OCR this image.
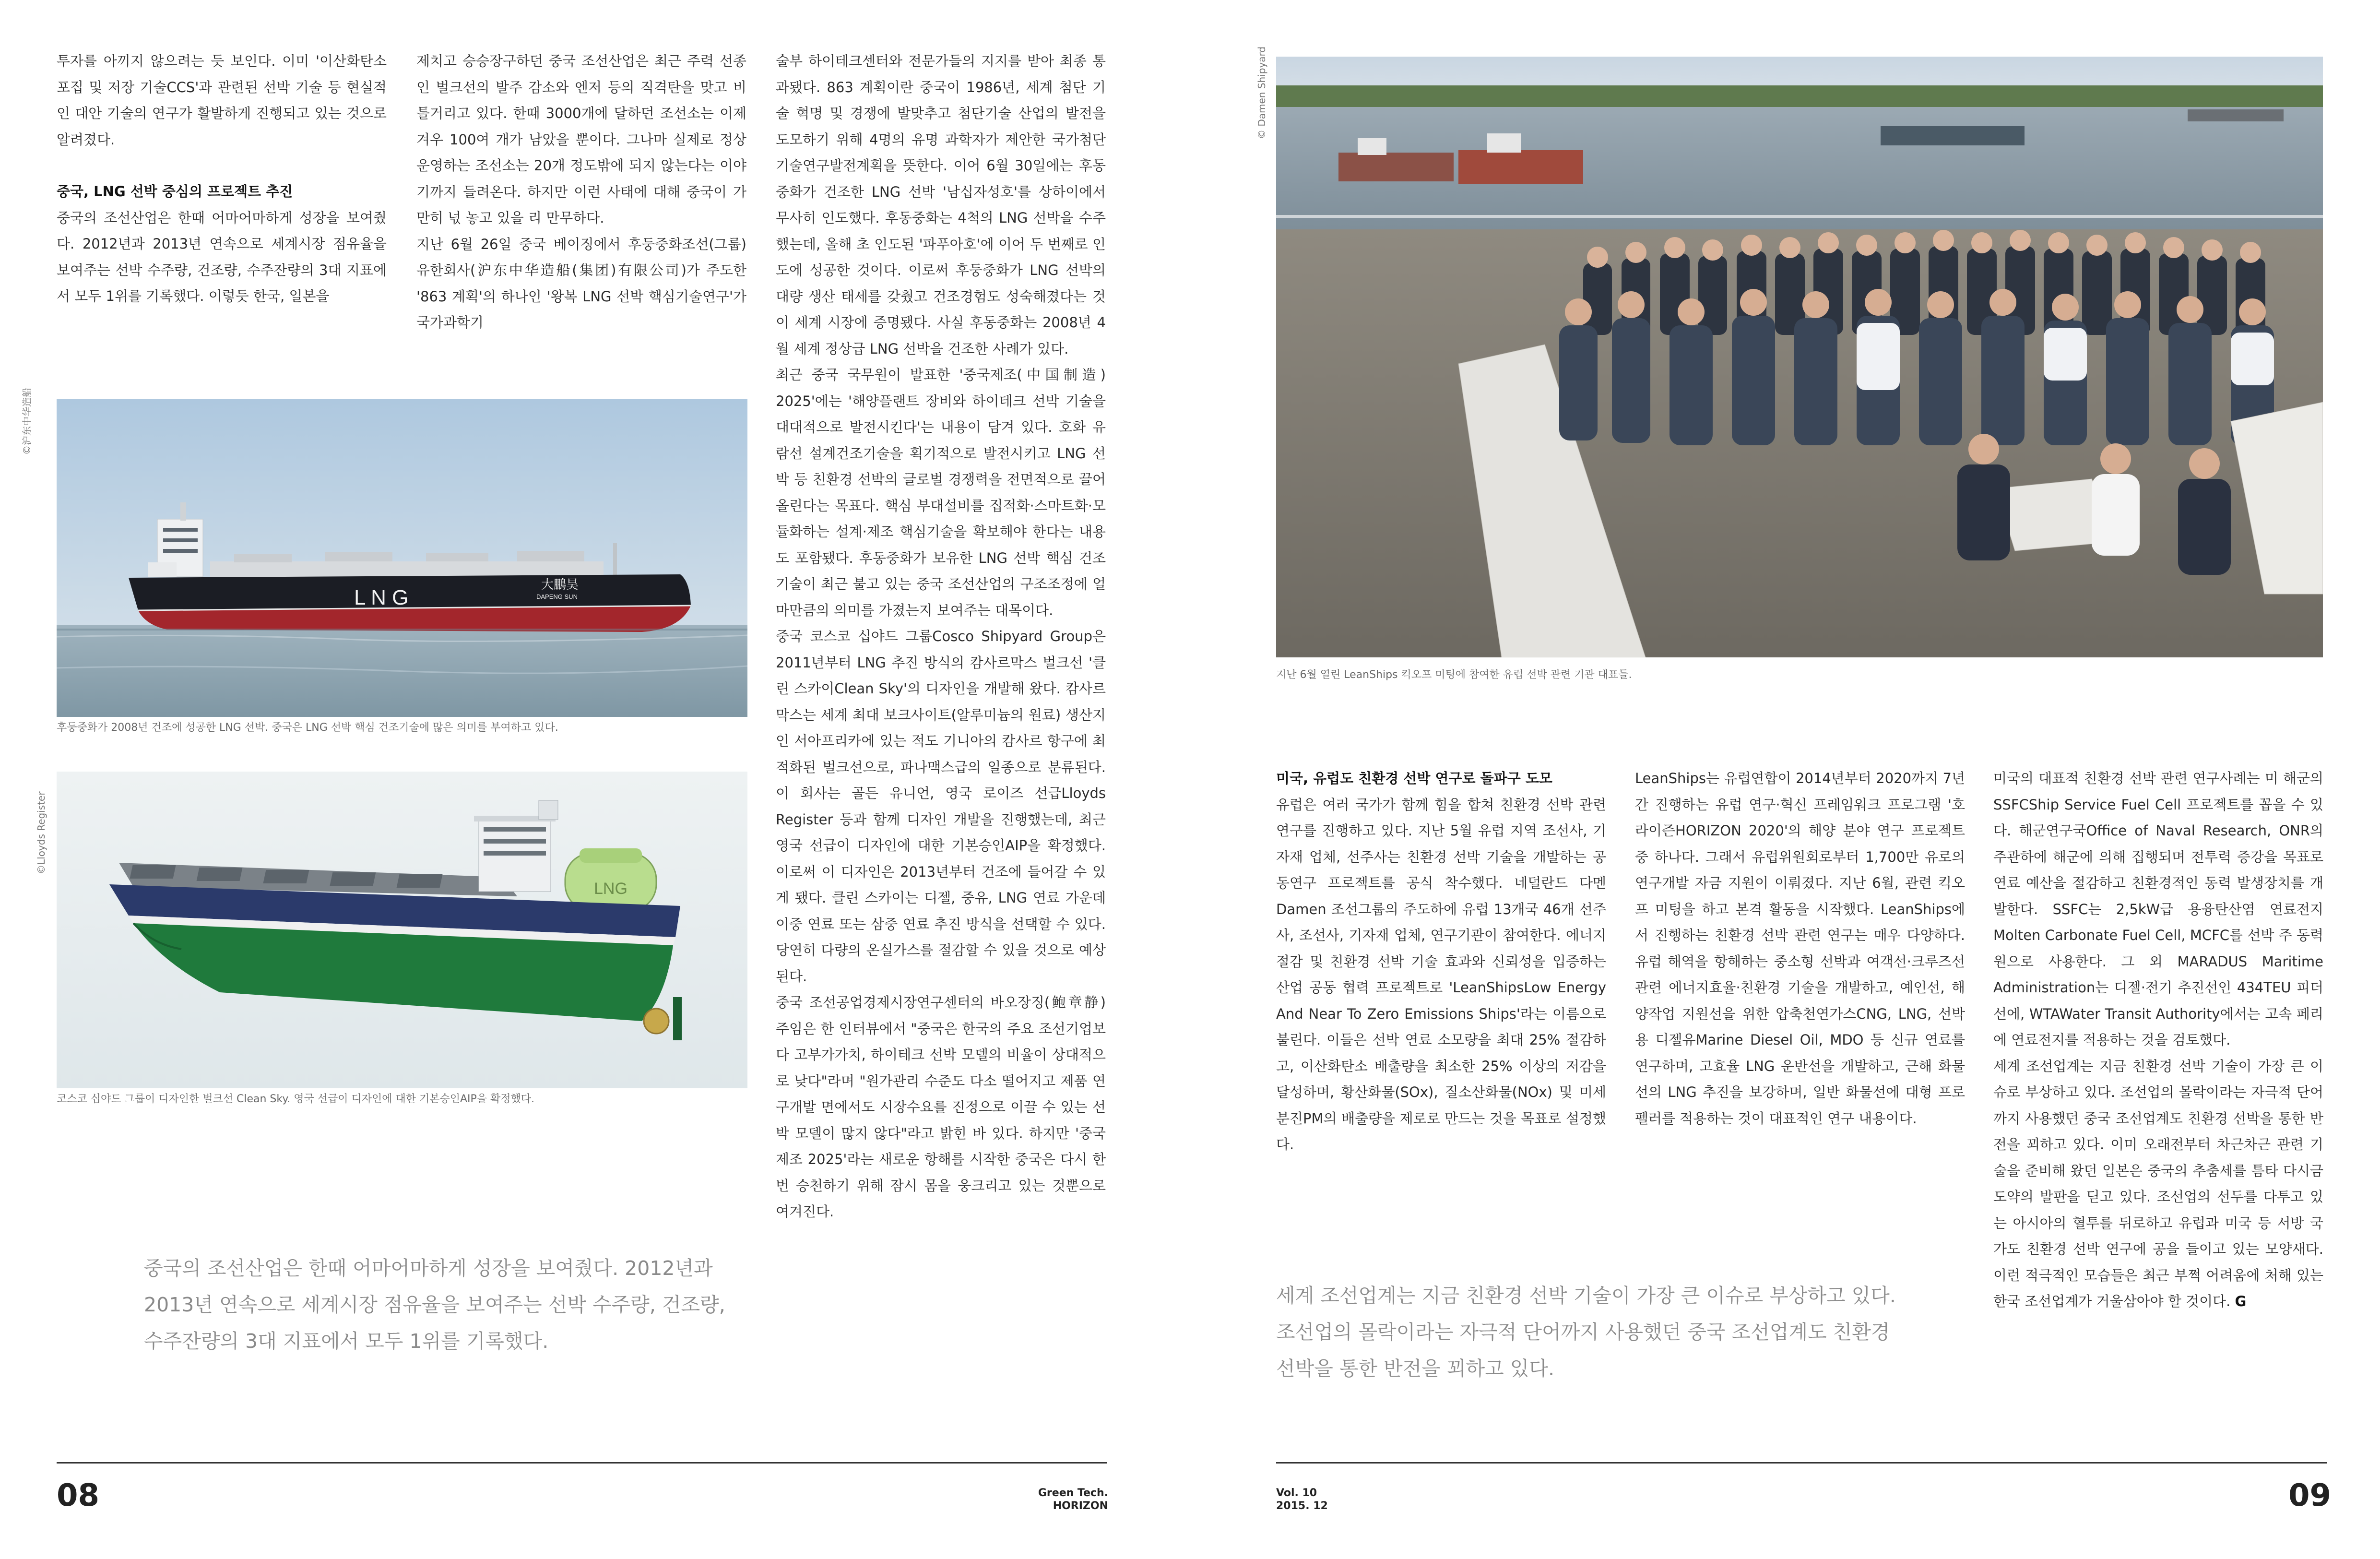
투자를 아끼지 않으려는 듯 보인다. 이미 '이산화탄소 포집 및 저장 기술CCS'과 관련된 선박 기술 등 현실적인 대안 기술의 연구가 활발하게 진행되고 있는 것으로 알려졌다.

중국, LNG 선박 중심의 프로젝트 추진

중국의 조선산업은 한때 어마어마하게 성장을 보여줬다. 2012년과 2013년 연속으로 세계시장 점유율을 보여주는 선박 수주량, 건조량, 수주잔량의 3대 지표에서 모두 1위를 기록했다. 이렇듯 한국, 일본을

제치고 승승장구하던 중국 조선산업은 최근 주력 선종인 벌크선의 발주 감소와 엔저 등의 직격탄을 맞고 비틀거리고 있다. 한때 3000개에 달하던 조선소는 이제 겨우 100여 개가 남았을 뿐이다. 그나마 실제로 정상 운영하는 조선소는 20개 정도밖에 되지 않는다는 이야기까지 들려온다. 하지만 이런 사태에 대해 중국이 가만히 넋 놓고 있을 리 만무하다.

지난 6월 26일 중국 베이징에서 후둥중화조선(그룹) 유한회사(沪东中华造船(集团)有限公司)가 주도한 '863 계획'의 하나인 '왕복 LNG 선박 핵심기술연구'가 국가과학기

술부 하이테크센터와 전문가들의 지지를 받아 최종 통과됐다. 863 계획이란 중국이 1986년, 세계 첨단 기술 혁명 및 경쟁에 발맞추고 첨단기술 산업의 발전을 도모하기 위해 4명의 유명 과학자가 제안한 국가첨단기술연구발전계획을 뜻한다. 이어 6월 30일에는 후동중화가 건조한 LNG 선박 '남십자성호'를 상하이에서 무사히 인도했다. 후동중화는 4척의 LNG 선박을 수주했는데, 올해 초 인도된 '파푸아호'에 이어 두 번째로 인도에 성공한 것이다. 이로써 후둥중화가 LNG 선박의 대량 생산 태세를 갖췄고 건조경험도 성숙해졌다는 것이 세계 시장에 증명됐다. 사실 후동중화는 2008년 4월 세계 정상급 LNG 선박을 건조한 사례가 있다.

최근 중국 국무원이 발표한 '중국제조(中国制造) 2025'에는 '해양플랜트 장비와 하이테크 선박 기술을 대대적으로 발전시킨다'는 내용이 담겨 있다. 호화 유람선 설계건조기술을 획기적으로 발전시키고 LNG 선박 등 친환경 선박의 글로벌 경쟁력을 전면적으로 끌어올린다는 목표다. 핵심 부대설비를 집적화·스마트화·모듈화하는 설계·제조 핵심기술을 확보해야 한다는 내용도 포함됐다. 후동중화가 보유한 LNG 선박 핵심 건조기술이 최근 불고 있는 중국 조선산업의 구조조정에 얼마만큼의 의미를 가졌는지 보여주는 대목이다.

중국 코스코 십야드 그룹Cosco Shipyard Group은 2011년부터 LNG 추진 방식의 캄사르막스 벌크선 '클린 스카이Clean Sky'의 디자인을 개발해 왔다. 캄사르막스는 세계 최대 보크사이트(알루미늄의 원료) 생산지인 서아프리카에 있는 적도 기니아의 캄사르 항구에 최적화된 벌크선으로, 파나맥스급의 일종으로 분류된다. 이 회사는 골든 유니언, 영국 로이즈 선급Lloyds Register 등과 함께 디자인 개발을 진행했는데, 최근 영국 선급이 디자인에 대한 기본승인AIP을 확정했다. 이로써 이 디자인은 2013년부터 건조에 들어갈 수 있게 됐다. 클린 스카이는 디젤, 중유, LNG 연료 가운데 이중 연료 또는 삼중 연료 추진 방식을 선택할 수 있다. 당연히 다량의 온실가스를 절감할 수 있을 것으로 예상된다.

중국 조선공업경제시장연구센터의 바오장징(鲍章静) 주임은 한 인터뷰에서 "중국은 한국의 주요 조선기업보다 고부가가치, 하이테크 선박 모델의 비율이 상대적으로 낮다"라며 "원가관리 수준도 다소 떨어지고 제품 연구개발 면에서도 시장수요를 진정으로 이끌 수 있는 선박 모델이 많지 않다"라고 밝힌 바 있다. 하지만 '중국제조 2025'라는 새로운 항해를 시작한 중국은 다시 한 번 승천하기 위해 잠시 몸을 웅크리고 있는 것뿐으로 여겨진다.

©沪东中华造船
L N G
大鵬昊
DAPENG SUN
후둥중화가 2008년 건조에 성공한 LNG 선박. 중국은 LNG 선박 핵심 건조기술에 많은 의미를 부여하고 있다.
©Lloyds Register
LNG
코스코 십야드 그룹이 디자인한 벌크선 Clean Sky. 영국 선급이 디자인에 대한 기본승인AIP을 확정했다.

중국의 조선산업은 한때 어마어마하게 성장을 보여줬다. 2012년과

2013년 연속으로 세계시장 점유율을 보여주는 선박 수주량, 건조량,

수주잔량의 3대 지표에서 모두 1위를 기록했다.

08	Green Tech.
HORIZON
© Damen Shipyard
지난 6월 열린 LeanShips 킥오프 미팅에 참여한 유럽 선박 관련 기관 대표들.

미국, 유럽도 친환경 선박 연구로 돌파구 도모

유럽은 여러 국가가 함께 힘을 합쳐 친환경 선박 관련 연구를 진행하고 있다. 지난 5월 유럽 지역 조선사, 기자재 업체, 선주사는 친환경 선박 기술을 개발하는 공동연구 프로젝트를 공식 착수했다. 네덜란드 다멘Damen 조선그룹의 주도하에 유럽 13개국 46개 선주사, 조선사, 기자재 업체, 연구기관이 참여한다. 에너지 절감 및 친환경 선박 기술 효과와 신뢰성을 입증하는 산업 공동 협력 프로젝트로 'LeanShipsLow Energy And Near To Zero Emissions Ships'라는 이름으로 불린다. 이들은 선박 연료 소모량을 최대 25% 절감하고, 이산화탄소 배출량을 최소한 25% 이상의 저감을 달성하며, 황산화물(SOx), 질소산화물(NOx) 및 미세분진PM의 배출량을 제로로 만드는 것을 목표로 설정했다.

LeanShips는 유럽연합이 2014년부터 2020까지 7년간 진행하는 유럽 연구·혁신 프레임워크 프로그램 '호라이즌HORIZON 2020'의 해양 분야 연구 프로젝트 중 하나다. 그래서 유럽위원회로부터 1,700만 유로의 연구개발 자금 지원이 이뤄졌다. 지난 6월, 관련 킥오프 미팅을 하고 본격 활동을 시작했다. LeanShips에서 진행하는 친환경 선박 관련 연구는 매우 다양하다. 유럽 해역을 항해하는 중소형 선박과 여객선·크루즈선 관련 에너지효율·친환경 기술을 개발하고, 예인선, 해양작업 지원선을 위한 압축천연가스CNG, LNG, 선박용 디젤유Marine Diesel Oil, MDO 등 신규 연료를 연구하며, 고효율 LNG 운반선을 개발하고, 근해 화물선의 LNG 추진을 보강하며, 일반 화물선에 대형 프로펠러를 적용하는 것이 대표적인 연구 내용이다.

미국의 대표적 친환경 선박 관련 연구사례는 미 해군의 SSFCShip Service Fuel Cell 프로젝트를 꼽을 수 있다. 해군연구국Office of Naval Research, ONR의 주관하에 해군에 의해 집행되며 전투력 증강을 목표로 연료 예산을 절감하고 친환경적인 동력 발생장치를 개발한다. SSFC는 2,5kW급 용융탄산염 연료전지Molten Carbonate Fuel Cell, MCFC를 선박 주 동력원으로 사용한다. 그 외 MARADUS Maritime Administration는 디젤·전기 추진선인 434TEU 피더선에, WTAWater Transit Authority에서는 고속 페리에 연료전지를 적용하는 것을 검토했다.

세계 조선업계는 지금 친환경 선박 기술이 가장 큰 이슈로 부상하고 있다. 조선업의 몰락이라는 자극적 단어까지 사용했던 중국 조선업계도 친환경 선박을 통한 반전을 꾀하고 있다. 이미 오래전부터 차근차근 관련 기술을 준비해 왔던 일본은 중국의 추춤세를 틈타 다시금 도약의 발판을 딛고 있다. 조선업의 선두를 다투고 있는 아시아의 혈투를 뒤로하고 유럽과 미국 등 서방 국가도 친환경 선박 연구에 공을 들이고 있는 모양새다. 이런 적극적인 모습들은 최근 부쩍 어려움에 처해 있는 한국 조선업계가 거울삼아야 할 것이다. G

세계 조선업계는 지금 친환경 선박 기술이 가장 큰 이슈로 부상하고 있다.

조선업의 몰락이라는 자극적 단어까지 사용했던 중국 조선업계도 친환경

선박을 통한 반전을 꾀하고 있다.

Vol. 10
2015. 12	09
